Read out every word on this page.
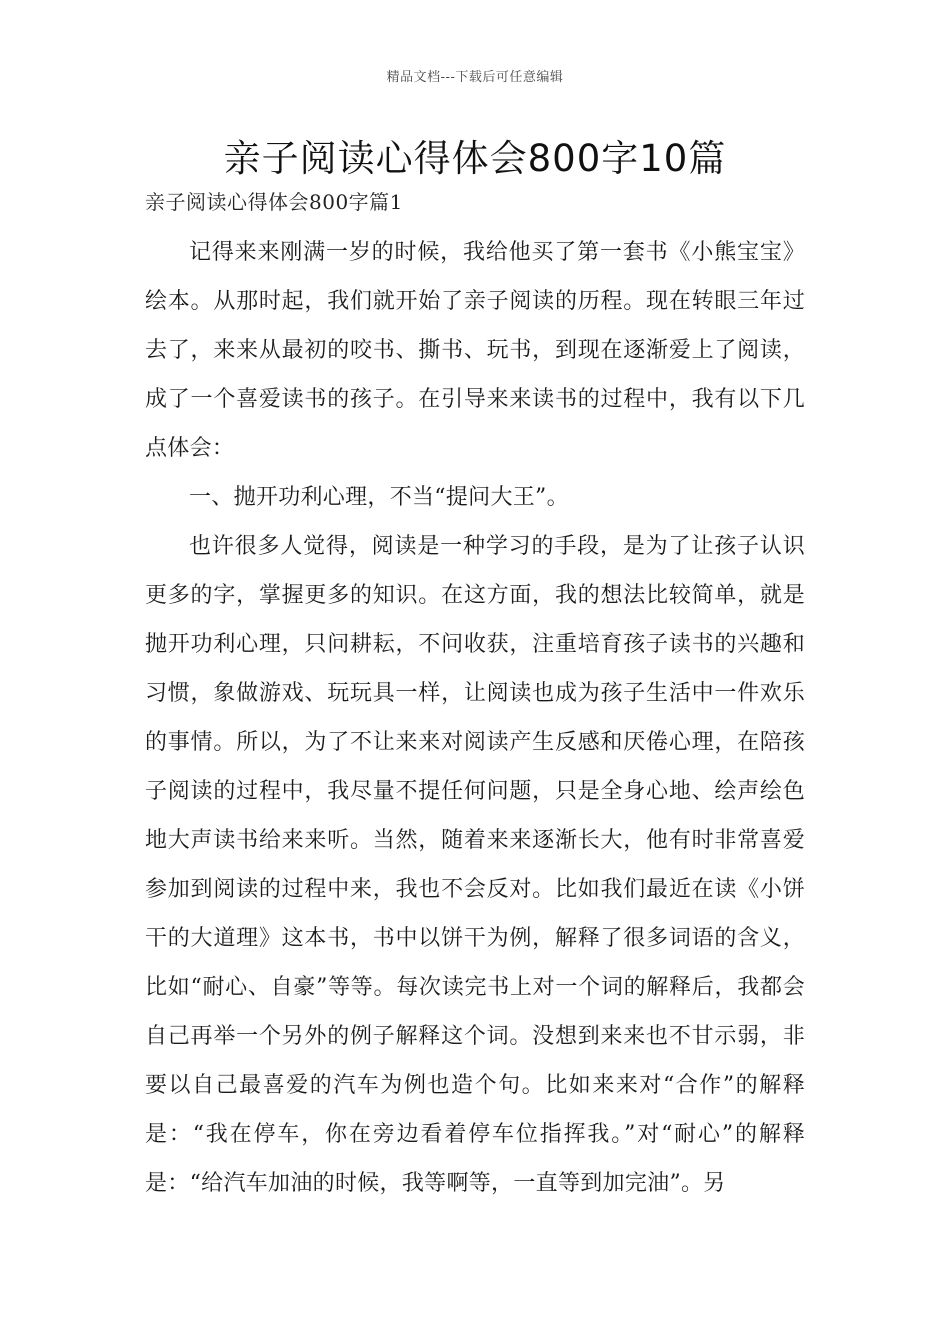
精品文档---下载后可任意编辑
亲子阅读心得体会800字10篇
亲子阅读心得体会800字篇1

记得来来刚满一岁的时候，我给他买了第一套书《小熊宝宝》绘本。从那时起，我们就开始了亲子阅读的历程。现在转眼三年过去了，来来从最初的咬书、撕书、玩书，到现在逐渐爱上了阅读，成了一个喜爱读书的孩子。在引导来来读书的过程中，我有以下几点体会：

一、抛开功利心理，不当“提问大王”。

也许很多人觉得，阅读是一种学习的手段，是为了让孩子认识更多的字，掌握更多的知识。在这方面，我的想法比较简单，就是抛开功利心理，只问耕耘，不问收获，注重培育孩子读书的兴趣和习惯，象做游戏、玩玩具一样，让阅读也成为孩子生活中一件欢乐的事情。所以，为了不让来来对阅读产生反感和厌倦心理，在陪孩子阅读的过程中，我尽量不提任何问题，只是全身心地、绘声绘色地大声读书给来来听。当然，随着来来逐渐长大，他有时非常喜爱参加到阅读的过程中来，我也不会反对。比如我们最近在读《小饼干的大道理》这本书，书中以饼干为例，解释了很多词语的含义，比如“耐心、自豪”等等。每次读完书上对一个词的解释后，我都会自己再举一个另外的例子解释这个词。没想到来来也不甘示弱，非要以自己最喜爱的汽车为例也造个句。比如来来对“合作”的解释是：“我在停车，你在旁边看着停车位指挥我。”对“耐心”的解释是：“给汽车加油的时候，我等啊等，一直等到加完油”。另
